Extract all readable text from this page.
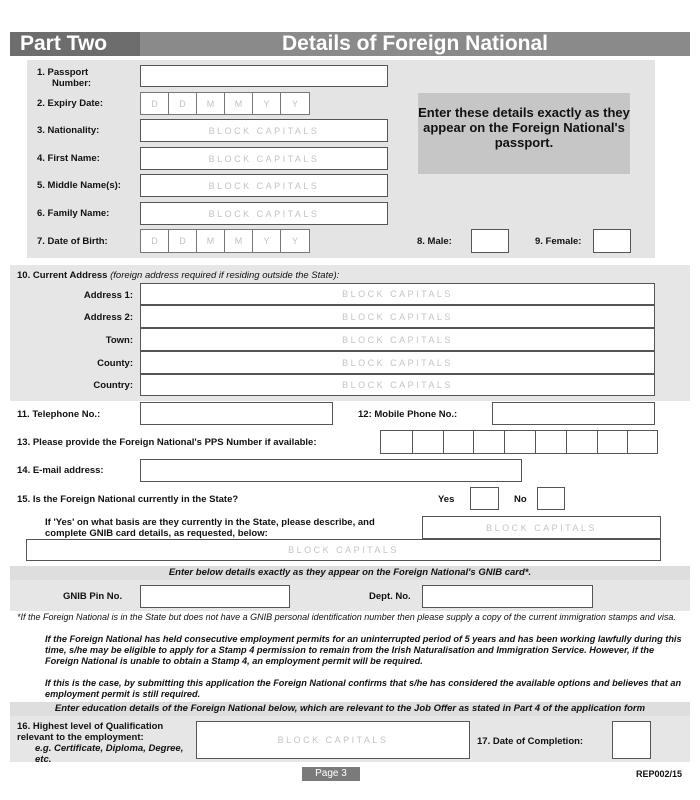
Part Two	Details of Foreign National
1. Passport
Number:
2. Expiry Date:	D	D	M	M	Y	Y
3. Nationality:	BLOCK CAPITALS
4. First Name:	BLOCK CAPITALS
5. Middle Name(s):	BLOCK CAPITALS
6. Family Name:	BLOCK CAPITALS
7. Date of Birth:	D	D	M	M	Y	Y	8. Male:	9. Female:
Enter these details exactly as they appear on the Foreign National's passport.
10. Current Address (foreign address required if residing outside the State):
Address 1:	BLOCK CAPITALS
Address 2:	BLOCK CAPITALS
Town:	BLOCK CAPITALS
County:	BLOCK CAPITALS
Country:	BLOCK CAPITALS
11. Telephone No.:	12: Mobile Phone No.:
13. Please provide the Foreign National's PPS Number if available:
14. E-mail address:
15. Is the Foreign National currently in the State?	Yes	No
If 'Yes' on what basis are they currently in the State, please describe, and complete GNIB card details, as requested, below:
BLOCK CAPITALS
BLOCK CAPITALS
Enter below details exactly as they appear on the Foreign National's GNIB card*.
GNIB Pin No.	Dept. No.
*If the Foreign National is in the State but does not have a GNIB personal identification number then please supply a copy of the current immigration stamps and visa.
If the Foreign National has held consecutive employment permits for an uninterrupted period of 5 years and has been working lawfully during this time, s/he may be eligible to apply for a Stamp 4 permission to remain from the Irish Naturalisation and Immigration Service. However, if the Foreign National is unable to obtain a Stamp 4, an employment permit will be required.
If this is the case, by submitting this application the Foreign National confirms that s/he has considered the available options and believes that an employment permit is still required.
Enter education details of the Foreign National below, which are relevant to the Job Offer as stated in Part 4 of the application form
16. Highest level of Qualification relevant to the employment:
e.g. Certificate, Diploma, Degree, etc.
BLOCK CAPITALS	17. Date of Completion:
Page 3	REP002/15
